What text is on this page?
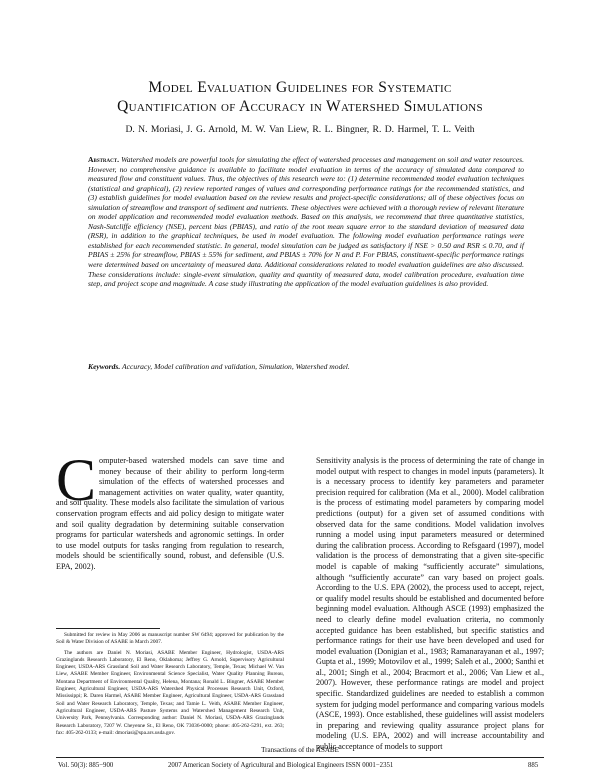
Model Evaluation Guidelines for Systematic
Quantification of Accuracy in Watershed Simulations
D. N. Moriasi, J. G. Arnold, M. W. Van Liew, R. L. Bingner, R. D. Harmel, T. L. Veith
Abstract. Watershed models are powerful tools for simulating the effect of watershed processes and management on soil and water resources. However, no comprehensive guidance is available to facilitate model evaluation in terms of the accuracy of simulated data compared to measured flow and constituent values. Thus, the objectives of this research were to: (1) determine recommended model evaluation techniques (statistical and graphical), (2) review reported ranges of values and corresponding performance ratings for the recommended statistics, and (3) establish guidelines for model evaluation based on the review results and project-specific considerations; all of these objectives focus on simulation of streamflow and transport of sediment and nutrients. These objectives were achieved with a thorough review of relevant literature on model application and recommended model evaluation methods. Based on this analysis, we recommend that three quantitative statistics, Nash-Sutcliffe efficiency (NSE), percent bias (PBIAS), and ratio of the root mean square error to the standard deviation of measured data (RSR), in addition to the graphical techniques, be used in model evaluation. The following model evaluation performance ratings were established for each recommended statistic. In general, model simulation can be judged as satisfactory if NSE > 0.50 and RSR ≤ 0.70, and if PBIAS ± 25% for streamflow, PBIAS ± 55% for sediment, and PBIAS ± 70% for N and P. For PBIAS, constituent-specific performance ratings were determined based on uncertainty of measured data. Additional considerations related to model evaluation guidelines are also discussed. These considerations include: single-event simulation, quality and quantity of measured data, model calibration procedure, evaluation time step, and project scope and magnitude. A case study illustrating the application of the model evaluation guidelines is also provided.
Keywords. Accuracy, Model calibration and validation, Simulation, Watershed model.
C omputer-based watershed models can save time and money because of their ability to perform long-term simulation of the effects of watershed processes and management activities on water quality, water quantity, and soil quality. These models also facilitate the simulation of various conservation program effects and aid policy design to mitigate water and soil quality degradation by determining suitable conservation programs for particular watersheds and agronomic settings. In order to use model outputs for tasks ranging from regulation to research, models should be scientifically sound, robust, and defensible (U.S. EPA, 2002).

Submitted for review in May 2006 as manuscript number SW 6494; approved for publication by the Soil & Water Division of ASABE in March 2007.

The authors are Daniel N. Moriasi, ASABE Member Engineer, Hydrologist, USDA-ARS Grazinglands Research Laboratory, El Reno, Oklahoma; Jeffrey G. Arnold, Supervisory Agricultural Engineer, USDA-ARS Grassland Soil and Water Research Laboratory, Temple, Texas; Michael W. Van Liew, ASABE Member Engineer, Environmental Science Specialist, Water Quality Planning Bureau, Montana Department of Environmental Quality, Helena, Montana; Ronald L. Bingner, ASABE Member Engineer, Agricultural Engineer, USDA-ARS Watershed Physical Processes Research Unit, Oxford, Mississippi; R. Daren Harmel, ASABE Member Engineer, Agricultural Engineer, USDA-ARS Grassland Soil and Water Research Laboratory, Temple, Texas; and Tamie L. Veith, ASABE Member Engineer, Agricultural Engineer, USDA-ARS Pasture Systems and Watershed Management Research Unit, University Park, Pennsylvania. Corresponding author: Daniel N. Moriasi, USDA-ARS Grazinglands Research Laboratory, 7207 W. Cheyenne St., El Reno, OK 73036-0000; phone: 405-262-5291, ext. 263; fax: 405-262-0133; e-mail: dmoriasi@spa.ars.usda.gov.

Sensitivity analysis is the process of determining the rate of change in model output with respect to changes in model inputs (parameters). It is a necessary process to identify key parameters and parameter precision required for calibration (Ma et al., 2000). Model calibration is the process of estimating model parameters by comparing model predictions (output) for a given set of assumed conditions with observed data for the same conditions. Model validation involves running a model using input parameters measured or determined during the calibration process. According to Refsgaard (1997), model validation is the process of demonstrating that a given site-specific model is capable of making “sufficiently accurate” simulations, although “sufficiently accurate” can vary based on project goals. According to the U.S. EPA (2002), the process used to accept, reject, or qualify model results should be established and documented before beginning model evaluation. Although ASCE (1993) emphasized the need to clearly define model evaluation criteria, no commonly accepted guidance has been established, but specific statistics and performance ratings for their use have been developed and used for model evaluation (Donigian et al., 1983; Ramanarayanan et al., 1997; Gupta et al., 1999; Motovilov et al., 1999; Saleh et al., 2000; Santhi et al., 2001; Singh et al., 2004; Bracmort et al., 2006; Van Liew et al., 2007). However, these performance ratings are model and project specific. Standardized guidelines are needed to establish a common system for judging model performance and comparing various models (ASCE, 1993). Once established, these guidelines will assist modelers in preparing and reviewing quality assurance project plans for modeling (U.S. EPA, 2002) and will increase accountability and public acceptance of models to support
Transactions of the ASABE
Vol. 50(3): 885−900	2007 American Society of Agricultural and Biological Engineers ISSN 0001−2351	885
